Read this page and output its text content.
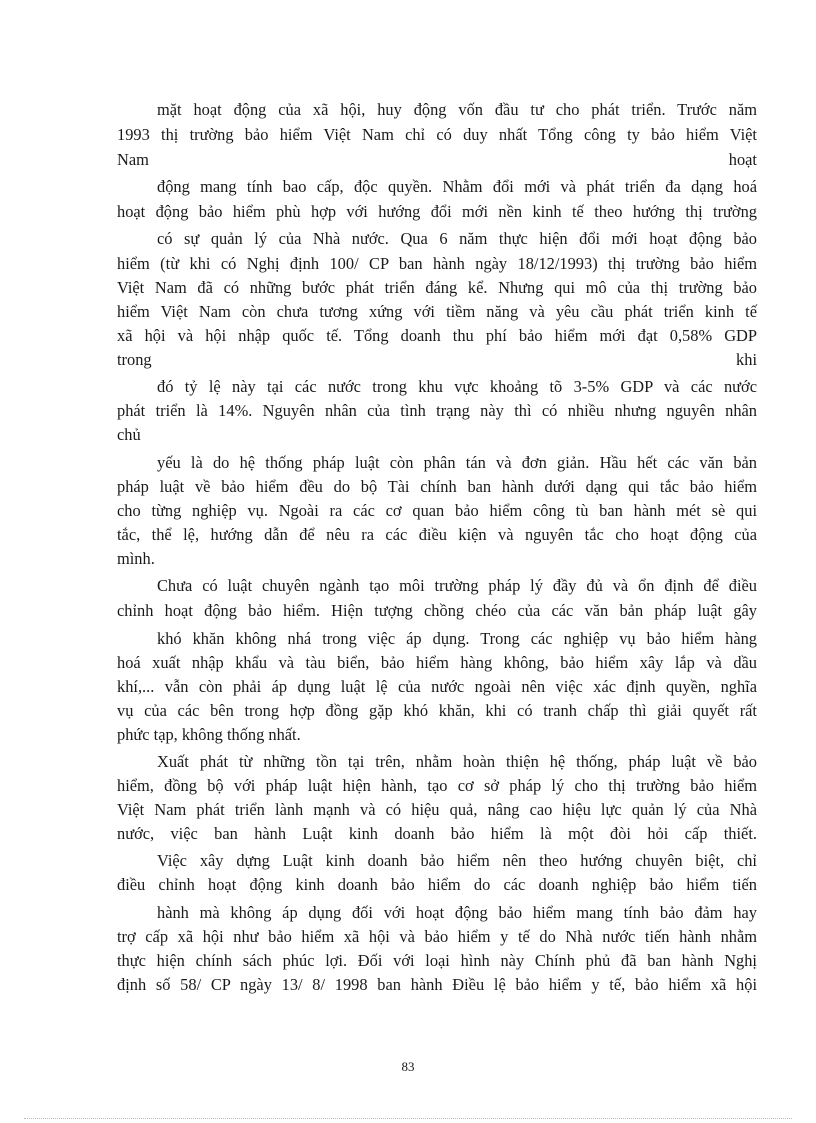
mặt hoạt động của xã hội, huy động vốn đầu tư cho phát triển. Trước năm

1993 thị trường bảo hiểm Việt Nam chỉ có duy nhất Tổng công ty bảo hiểm Việt

Nam hoạt

động mang tính bao cấp, độc quyền. Nhằm đổi mới và phát triển đa dạng hoá

hoạt động bảo hiểm phù hợp với hướng đổi mới nền kinh tế theo hướng thị trường

có sự quản lý của Nhà nước. Qua 6 năm thực hiện đổi mới hoạt động bảo

hiểm (từ khi có Nghị định 100/ CP ban hành ngày 18/12/1993) thị trường bảo hiểm

Việt Nam đã có những bước phát triển đáng kể. Nhưng qui mô của thị trường bảo

hiểm Việt Nam còn chưa tương xứng với tiềm năng và yêu cầu phát triển kinh tế

xã hội và hội nhập quốc tế. Tổng doanh thu phí bảo hiểm mới đạt 0,58% GDP

trong khi

đó tỷ lệ này tại các nước trong khu vực khoảng tõ 3-5% GDP và các nước

phát triển là 14%. Nguyên nhân của tình trạng này thì có nhiều nhưng nguyên nhân

chủ

yếu là do hệ thống pháp luật còn phân tán và đơn giản. Hầu hết các văn bản

pháp luật về bảo hiểm đều do bộ Tài chính ban hành dưới dạng qui tắc bảo hiểm

cho từng nghiệp vụ. Ngoài ra các cơ quan bảo hiểm công tù ban hành mét sè qui

tắc, thể lệ, hướng dẫn để nêu ra các điều kiện và nguyên tắc cho hoạt động của

mình.

Chưa có luật chuyên ngành tạo môi trường pháp lý đầy đủ và ổn định để điều

chỉnh hoạt động bảo hiểm. Hiện tượng chồng chéo của các văn bản pháp luật gây

khó khăn không nhá trong việc áp dụng. Trong các nghiệp vụ bảo hiểm hàng

hoá xuất nhập khẩu và tàu biển, bảo hiểm hàng không, bảo hiểm xây lắp và dầu

khí,... vẫn còn phải áp dụng luật lệ của nước ngoài nên việc xác định quyền, nghĩa

vụ của các bên trong hợp đồng gặp khó khăn, khi có tranh chấp thì giải quyết rất

phức tạp, không thống nhất.

Xuất phát từ những tồn tại trên, nhằm hoàn thiện hệ thống, pháp luật về bảo

hiểm, đồng bộ với pháp luật hiện hành, tạo cơ sở pháp lý cho thị trường bảo hiểm

Việt Nam phát triển lành mạnh và có hiệu quả, nâng cao hiệu lực quản lý của Nhà

nước, việc ban hành Luật kinh doanh bảo hiểm là một đòi hỏi cấp thiết.

Việc xây dựng Luật kinh doanh bảo hiểm nên theo hướng chuyên biệt, chỉ

điều chỉnh hoạt động kinh doanh bảo hiểm do các doanh nghiệp bảo hiểm tiến

hành mà không áp dụng đối với hoạt động bảo hiểm mang tính bảo đảm hay

trợ cấp xã hội như bảo hiểm xã hội và bảo hiểm y tế do Nhà nước tiến hành nhằm

thực hiện chính sách phúc lợi. Đối với loại hình này Chính phủ đã ban hành Nghị

định số 58/ CP ngày 13/ 8/ 1998 ban hành Điều lệ bảo hiểm y tế, bảo hiểm xã hội

83
